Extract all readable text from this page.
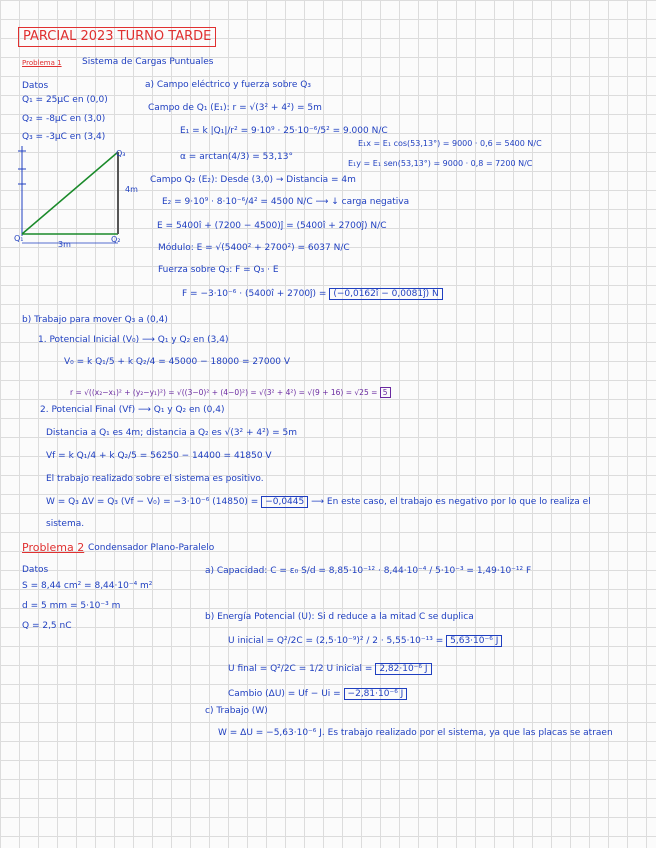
PARCIAL 2023 TURNO TARDE
Problema 1 Sistema de Cargas Puntuales
Datos
Q₁ = 25μC en (0,0)
Q₂ = -8μC en (3,0)
Q₃ = -3μC en (3,4)
Q₃
4m
Q₁	Q₂
3m
a) Campo eléctrico y fuerza sobre Q₃
Campo de Q₁ (E₁): r = √(3² + 4²) = 5m
E₁ = k |Q₁|/r² = 9·10⁹ · 25·10⁻⁶/5² = 9.000 N/C
α = arctan(4/3) = 53,13°
E₁x = E₁ cos(53,13°) = 9000 · 0,6 = 5400 N/C
E₁y = E₁ sen(53,13°) = 9000 · 0,8 = 7200 N/C
Campo Q₂ (E₂): Desde (3,0) → Distancia = 4m
E₂ = 9·10⁹ · 8·10⁻⁶/4² = 4500 N/C ⟶ ↓ carga negativa
E = 5400î + (7200 − 4500)ĵ = (5400î + 2700ĵ) N/C
Módulo: E = √(5400² + 2700²) = 6037 N/C
Fuerza sobre Q₃: F = Q₃ · E
F = −3·10⁻⁶ · (5400î + 2700ĵ) = (−0,0162î − 0,0081ĵ) N
b) Trabajo para mover Q₃ a (0,4)
1. Potencial Inicial (V₀) ⟶ Q₁ y Q₂ en (3,4)
V₀ = k Q₁/5 + k Q₂/4 = 45000 − 18000 = 27000 V
r = √((x₂−x₁)² + (y₂−y₁)²) = √((3−0)² + (4−0)²) = √(3² + 4²) = √(9 + 16) = √25 = 5
2. Potencial Final (Vf) ⟶ Q₁ y Q₂ en (0,4)
Distancia a Q₁ es 4m; distancia a Q₂ es √(3² + 4²) = 5m
Vf = k Q₁/4 + k Q₂/5 = 56250 − 14400 = 41850 V
El trabajo realizado sobre el sistema es positivo.
W = Q₃ ΔV = Q₃ (Vf − V₀) = −3·10⁻⁶ (14850) = −0,0445 ⟶ En este caso, el trabajo es negativo por lo que lo realiza el
sistema.
Problema 2 Condensador Plano-Paralelo
Datos
S = 8,44 cm² = 8,44·10⁻⁴ m²
d = 5 mm = 5·10⁻³ m
Q = 2,5 nC
a) Capacidad: C = ε₀ S/d = 8,85·10⁻¹² · 8,44·10⁻⁴ / 5·10⁻³ = 1,49·10⁻¹² F
b) Energía Potencial (U): Si d reduce a la mitad C se duplica
U inicial = Q²/2C = (2,5·10⁻⁹)² / 2 · 5,55·10⁻¹³ = 5,63·10⁻⁶ J
U final = Q²/2C = 1/2 U inicial = 2,82·10⁻⁶ J
Cambio (ΔU) = Uf − Ui = −2,81·10⁻⁶ J
c) Trabajo (W)
W = ΔU = −5,63·10⁻⁶ J. Es trabajo realizado por el sistema, ya que las placas se atraen
